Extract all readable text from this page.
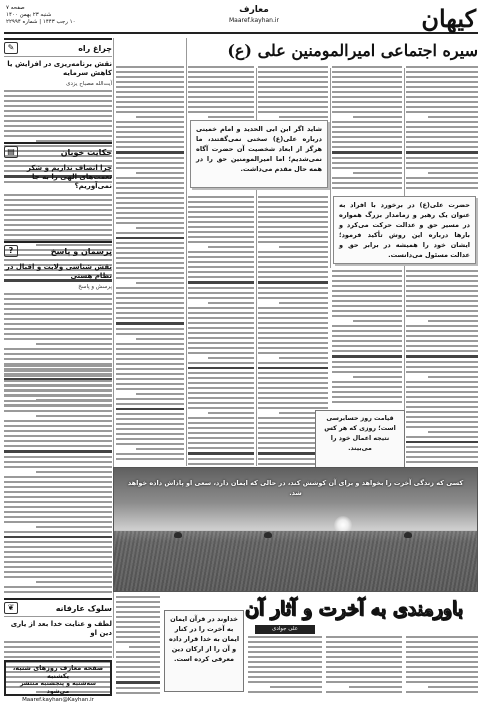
کیهان
معارف
Maaref.kayhan.ir
صفحه ۷
شنبه ۲۳ بهمن ۱۴۰۰
۱۰ رجب ۱۴۴۳ | شماره ۲۲۹۹۴
سیره اجتماعی امیرالمومنین علی (ع)
شاید اگر ابن ابی الحدید و امام خمینی درباره علی(ع) سخنی نمی‌گفتند، ما هرگز از ابعاد شخصیت آن حضرت آگاه نمی‌شدیم؛ اما امیرالمومنین حق را در همه حال مقدم می‌داشت.
حضرت علی(ع) در برخورد با افراد به عنوان یک رهبر و زمامدار بزرگ همواره در مسیر حق و عدالت حرکت می‌کرد و بارها درباره این روش تأکید فرمود؛ ایشان خود را همیشه در برابر حق و عدالت مسئول می‌دانست.
قیامت روز حسابرسی است؛ روزی که هر کس نتیجه اعمال خود را می‌بیند.
کسی که زندگی آخرت را بخواهد و برای آن کوشش کند، در حالی که ایمان دارد، سعی او پاداش داده خواهد شد.
باورمندی به آخرت و آثار آن
علی جوادی
خداوند در قرآن ایمان به آخرت را در کنار ایمان به خدا قرار داده و آن را از ارکان دین معرفی کرده است.
چراغ راه
✎
نقش برنامه‌ریزی در افزایش یا کاهش سرمایه
آیت‌الله مصباح یزدی
حکایت خوبان
▤
چرا انصاف نداریم و شکر نعمت‌های الهی را به جا نمی‌آوریم؟
پرسمان و پاسخ
?
نقش شناسی ولایت و اقبال در نظام هستی
پرسش و پاسخ
سلوک عارفانه
❦
لطف و عنایت خدا بعد از یاری دین او
صفحه معارف روزهای شنبه، یکشنبه
سه‌شنبه و پنجشنبه منتشر می‌شود
Maaref.kayhan@Kayhan.ir
